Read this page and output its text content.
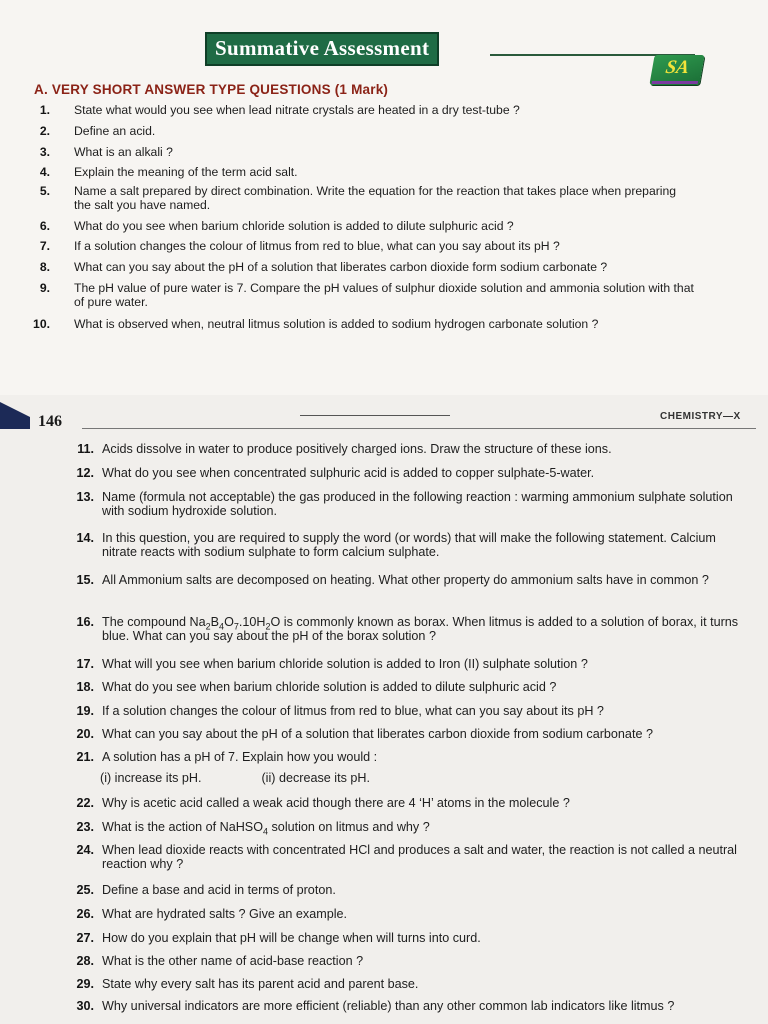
Summative Assessment
SA
A. VERY SHORT ANSWER TYPE QUESTIONS (1 Mark)
1. State what would you see when lead nitrate crystals are heated in a dry test-tube ?
2. Define an acid.
3. What is an alkali ?
4. Explain the meaning of the term acid salt.
5. Name a salt prepared by direct combination. Write the equation for the reaction that takes place when preparing the salt you have named.
6. What do you see when barium chloride solution is added to dilute sulphuric acid ?
7. If a solution changes the colour of litmus from red to blue, what can you say about its pH ?
8. What can you say about the pH of a solution that liberates carbon dioxide form sodium carbonate ?
9. The pH value of pure water is 7. Compare the pH values of sulphur dioxide solution and ammonia solution with that of pure water.
10. What is observed when, neutral litmus solution is added to sodium hydrogen carbonate solution ?
146	CHEMISTRY—X
11. Acids dissolve in water to produce positively charged ions. Draw the structure of these ions.
12. What do you see when concentrated sulphuric acid is added to copper sulphate-5-water.
13. Name (formula not acceptable) the gas produced in the following reaction : warming ammonium sulphate solution with sodium hydroxide solution.
14. In this question, you are required to supply the word (or words) that will make the following statement. Calcium nitrate reacts with sodium sulphate to form calcium sulphate.
15. All Ammonium salts are decomposed on heating. What other property do ammonium salts have in common ?
16. The compound $Na_2B_4O_7.10H_2O$ is commonly known as borax. When litmus is added to a solution of borax, it turns blue. What can you say about the pH of the borax solution ?
17. What will you see when barium chloride solution is added to Iron (II) sulphate solution ?
18. What do you see when barium chloride solution is added to dilute sulphuric acid ?
19. If a solution changes the colour of litmus from red to blue, what can you say about its pH ?
20. What can you say about the pH of a solution that liberates carbon dioxide from sodium carbonate ?
21. A solution has a pH of 7. Explain how you would :
(i) increase its pH.	(ii) decrease its pH.
22. Why is acetic acid called a weak acid though there are 4 ‘H’ atoms in the molecule ?
23. What is the action of NaHSO$_4$ solution on litmus and why ?
24. When lead dioxide reacts with concentrated HCl and produces a salt and water, the reaction is not called a neutral reaction why ?
25. Define a base and acid in terms of proton.
26. What are hydrated salts ? Give an example.
27. How do you explain that pH will be change when will turns into curd.
28. What is the other name of acid-base reaction ?
29. State why every salt has its parent acid and parent base.
30. Why universal indicators are more efficient (reliable) than any other common lab indicators like litmus ?
